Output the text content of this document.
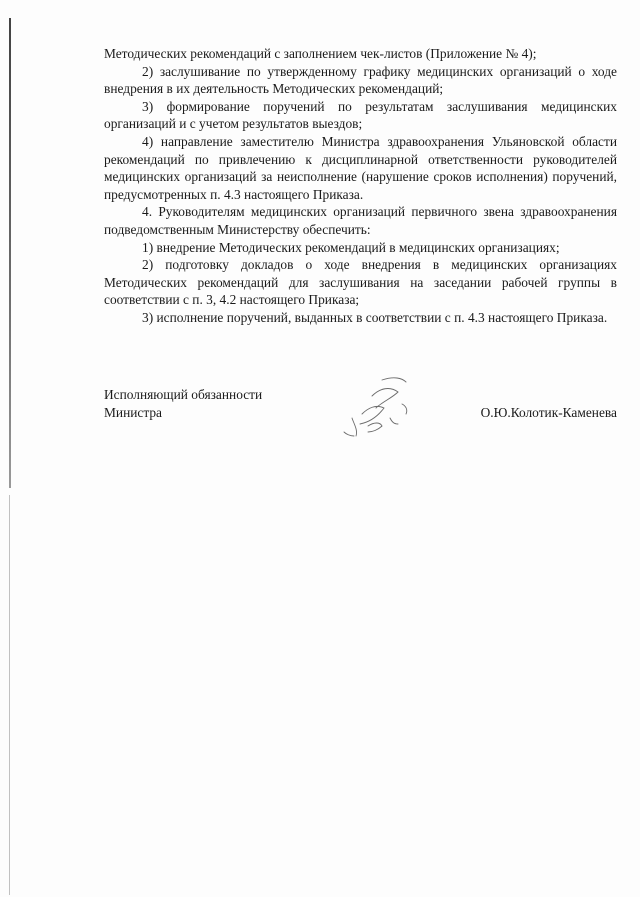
Методических рекомендаций с заполнением чек-листов (Приложение № 4);

2) заслушивание по утвержденному графику медицинских организаций о ходе внедрения в их деятельность Методических рекомендаций;

3) формирование поручений по результатам заслушивания медицинских организаций и с учетом результатов выездов;

4) направление заместителю Министра здравоохранения Ульяновской области рекомендаций по привлечению к дисциплинарной ответственности руководителей медицинских организаций за неисполнение (нарушение сроков исполнения) поручений, предусмотренных п. 4.3 настоящего Приказа.

4. Руководителям медицинских организаций первичного звена здравоохранения подведомственным Министерству обеспечить:

1) внедрение Методических рекомендаций в медицинских организациях;

2) подготовку докладов о ходе внедрения в медицинских организациях Методических рекомендаций для заслушивания на заседании рабочей группы в соответствии с п. 3, 4.2 настоящего Приказа;

3) исполнение поручений, выданных в соответствии с п. 4.3 настоящего Приказа.

Исполняющий обязанности
Министра	О.Ю.Колотик-Каменева
